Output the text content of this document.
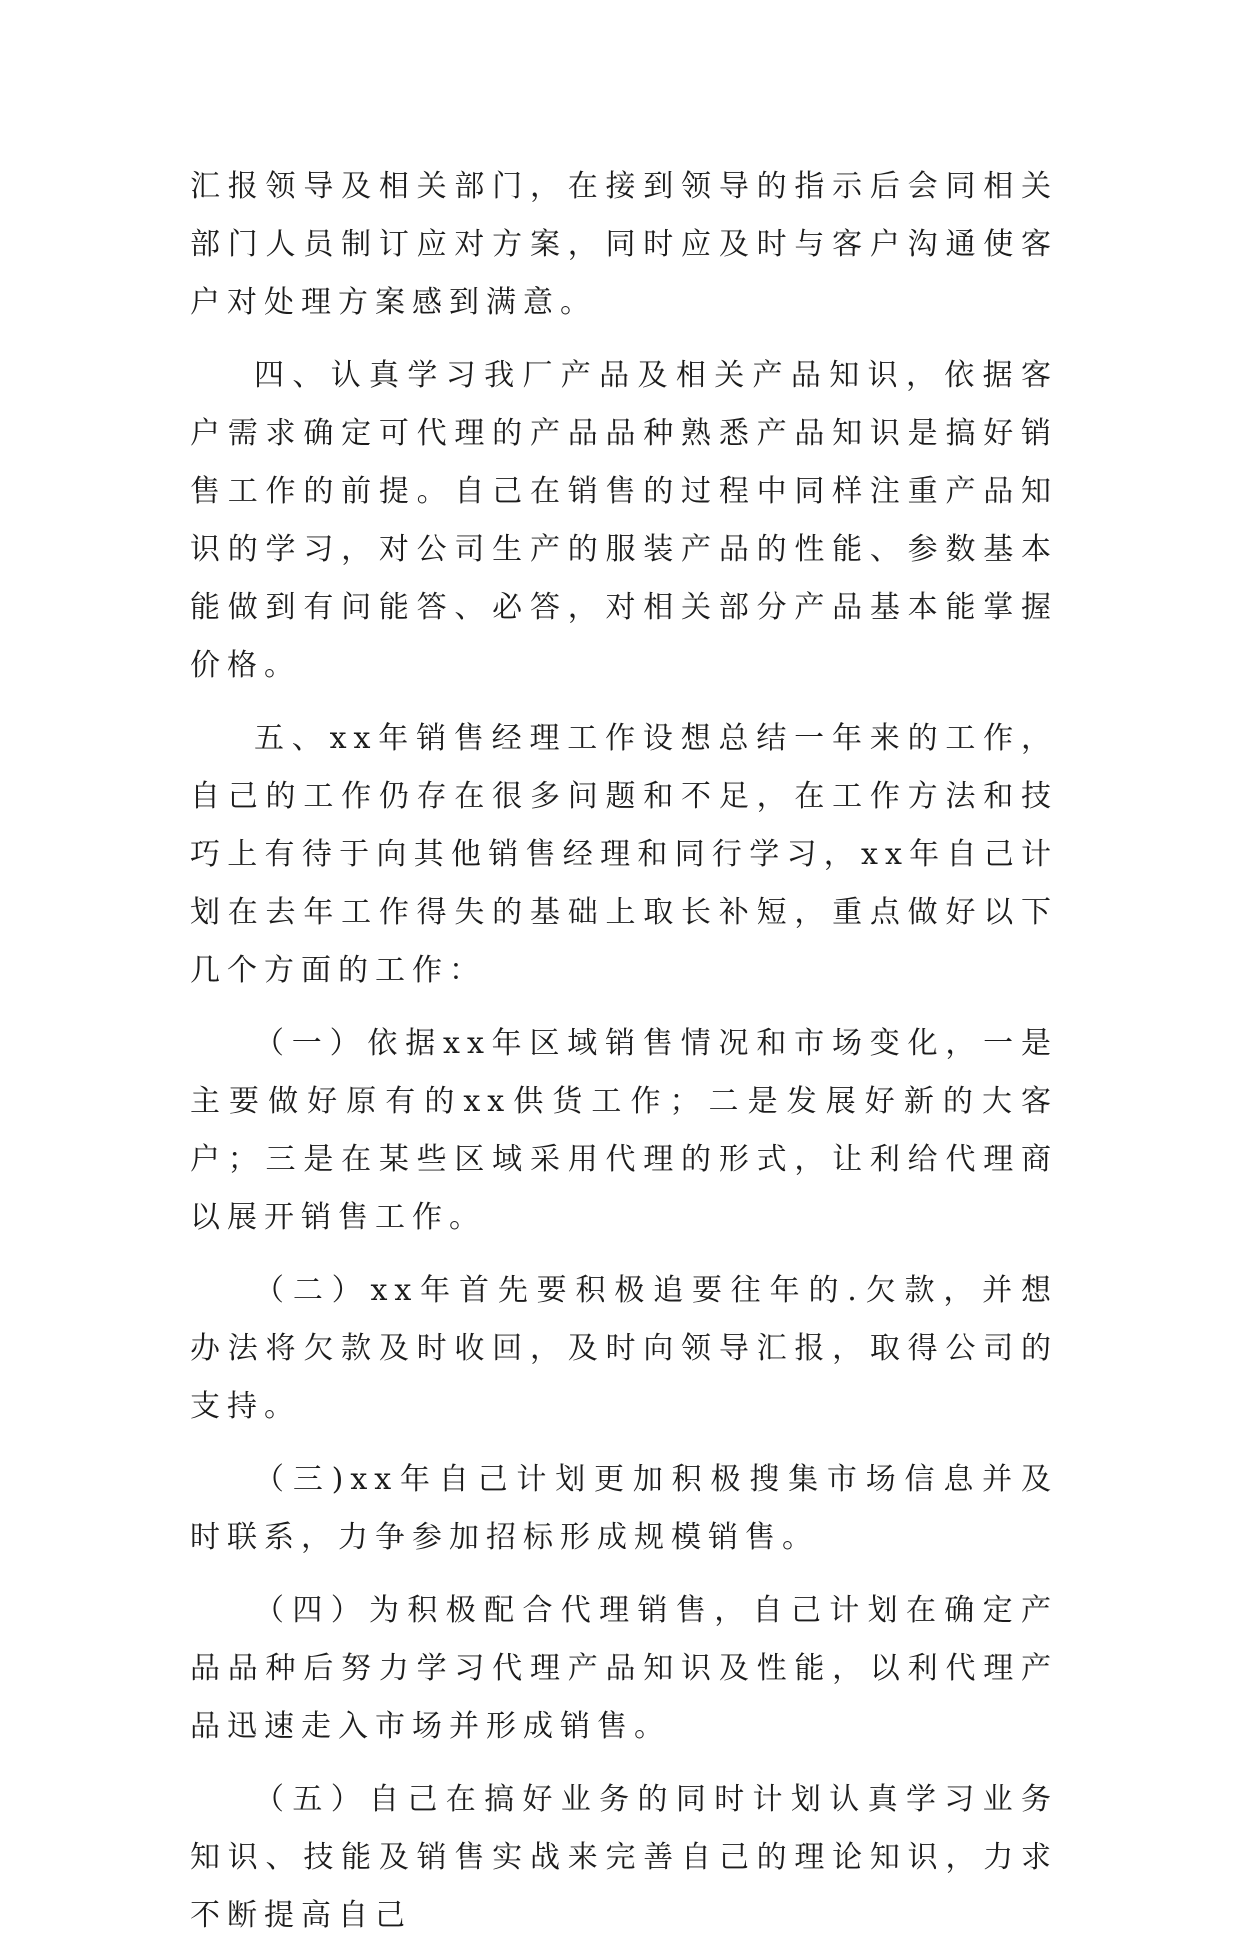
汇报领导及相关部门，在接到领导的指示后会同相关部门人员制订应对方案，同时应及时与客户沟通使客户对处理方案感到满意。

四、认真学习我厂产品及相关产品知识，依据客户需求确定可代理的产品品种熟悉产品知识是搞好销售工作的前提。自己在销售的过程中同样注重产品知识的学习，对公司生产的服装产品的性能、参数基本能做到有问能答、必答，对相关部分产品基本能掌握价格。

五、xx年销售经理工作设想总结一年来的工作，自己的工作仍存在很多问题和不足，在工作方法和技巧上有待于向其他销售经理和同行学习，xx年自己计划在去年工作得失的基础上取长补短，重点做好以下几个方面的工作：

（一）依据xx年区域销售情况和市场变化，一是主要做好原有的xx供货工作；二是发展好新的大客户；三是在某些区域采用代理的形式，让利给代理商以展开销售工作。

（二）xx年首先要积极追要往年的.欠款，并想办法将欠款及时收回，及时向领导汇报，取得公司的支持。

（三)xx年自己计划更加积极搜集市场信息并及时联系，力争参加招标形成规模销售。

（四）为积极配合代理销售，自己计划在确定产品品种后努力学习代理产品知识及性能，以利代理产品迅速走入市场并形成销售。

（五）自己在搞好业务的同时计划认真学习业务知识、技能及销售实战来完善自己的理论知识，力求不断提高自己
